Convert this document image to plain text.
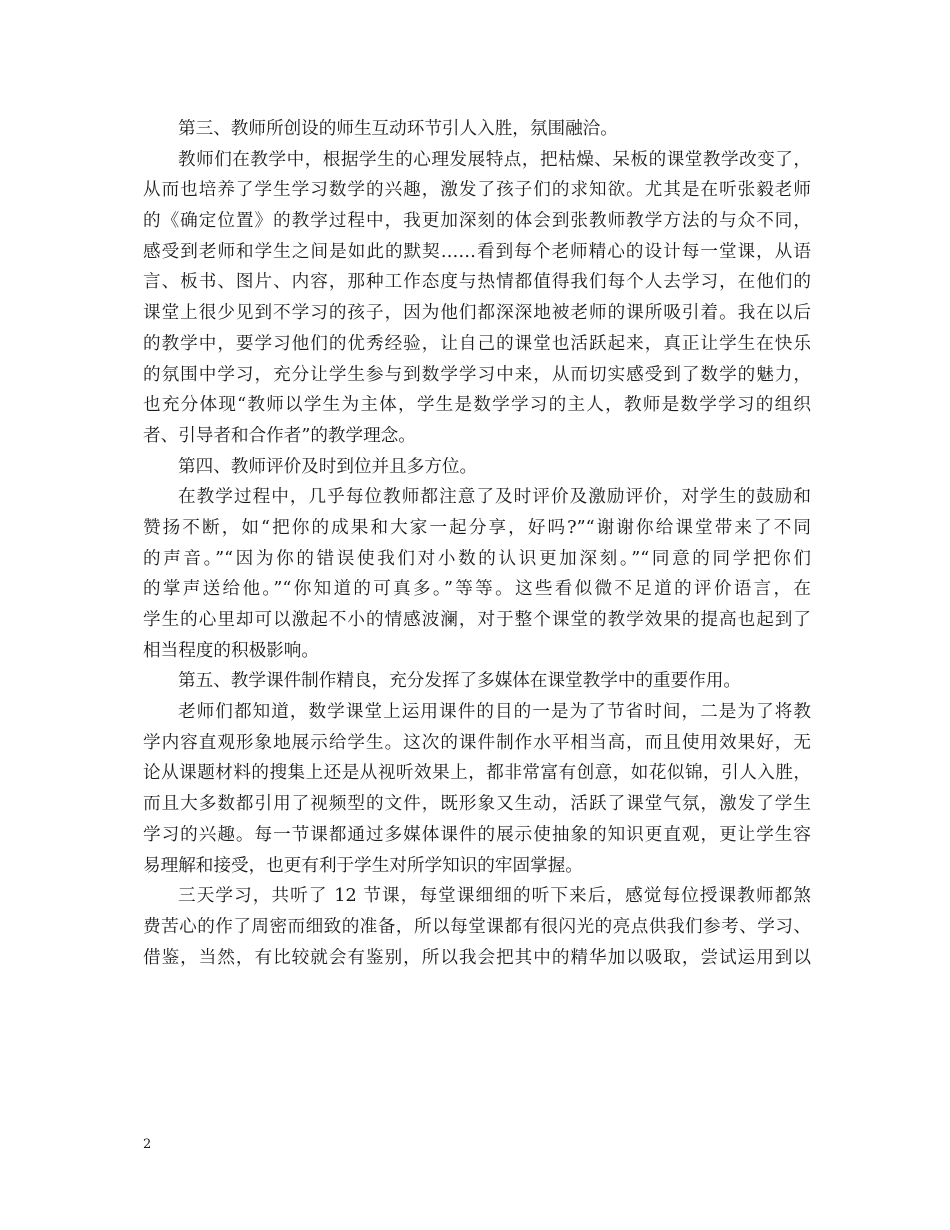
第三、教师所创设的师生互动环节引人入胜，氛围融洽。
教师们在教学中，根据学生的心理发展特点，把枯燥、呆板的课堂教学改变了，
从而也培养了学生学习数学的兴趣，激发了孩子们的求知欲。尤其是在听张毅老师
的《确定位置》的教学过程中，我更加深刻的体会到张教师教学方法的与众不同，
感受到老师和学生之间是如此的默契……看到每个老师精心的设计每一堂课，从语
言、板书、图片、内容，那种工作态度与热情都值得我们每个人去学习，在他们的
课堂上很少见到不学习的孩子，因为他们都深深地被老师的课所吸引着。我在以后
的教学中，要学习他们的优秀经验，让自己的课堂也活跃起来，真正让学生在快乐
的氛围中学习，充分让学生参与到数学学习中来，从而切实感受到了数学的魅力，
也充分体现“教师以学生为主体，学生是数学学习的主人，教师是数学学习的组织
者、引导者和合作者”的教学理念。
第四、教师评价及时到位并且多方位。
在教学过程中，几乎每位教师都注意了及时评价及激励评价，对学生的鼓励和
赞扬不断，如“把你的成果和大家一起分享，好吗?”“谢谢你给课堂带来了不同
的声音。”“因为你的错误使我们对小数的认识更加深刻。”“同意的同学把你们
的掌声送给他。”“你知道的可真多。”等等。这些看似微不足道的评价语言，在
学生的心里却可以激起不小的情感波澜，对于整个课堂的教学效果的提高也起到了
相当程度的积极影响。
第五、教学课件制作精良，充分发挥了多媒体在课堂教学中的重要作用。
老师们都知道，数学课堂上运用课件的目的一是为了节省时间，二是为了将教
学内容直观形象地展示给学生。这次的课件制作水平相当高，而且使用效果好，无
论从课题材料的搜集上还是从视听效果上，都非常富有创意，如花似锦，引人入胜，
而且大多数都引用了视频型的文件，既形象又生动，活跃了课堂气氛，激发了学生
学习的兴趣。每一节课都通过多媒体课件的展示使抽象的知识更直观，更让学生容
易理解和接受，也更有利于学生对所学知识的牢固掌握。
三天学习，共听了 12 节课，每堂课细细的听下来后，感觉每位授课教师都煞
费苦心的作了周密而细致的准备，所以每堂课都有很闪光的亮点供我们参考、学习、
借鉴，当然，有比较就会有鉴别，所以我会把其中的精华加以吸取，尝试运用到以
2
